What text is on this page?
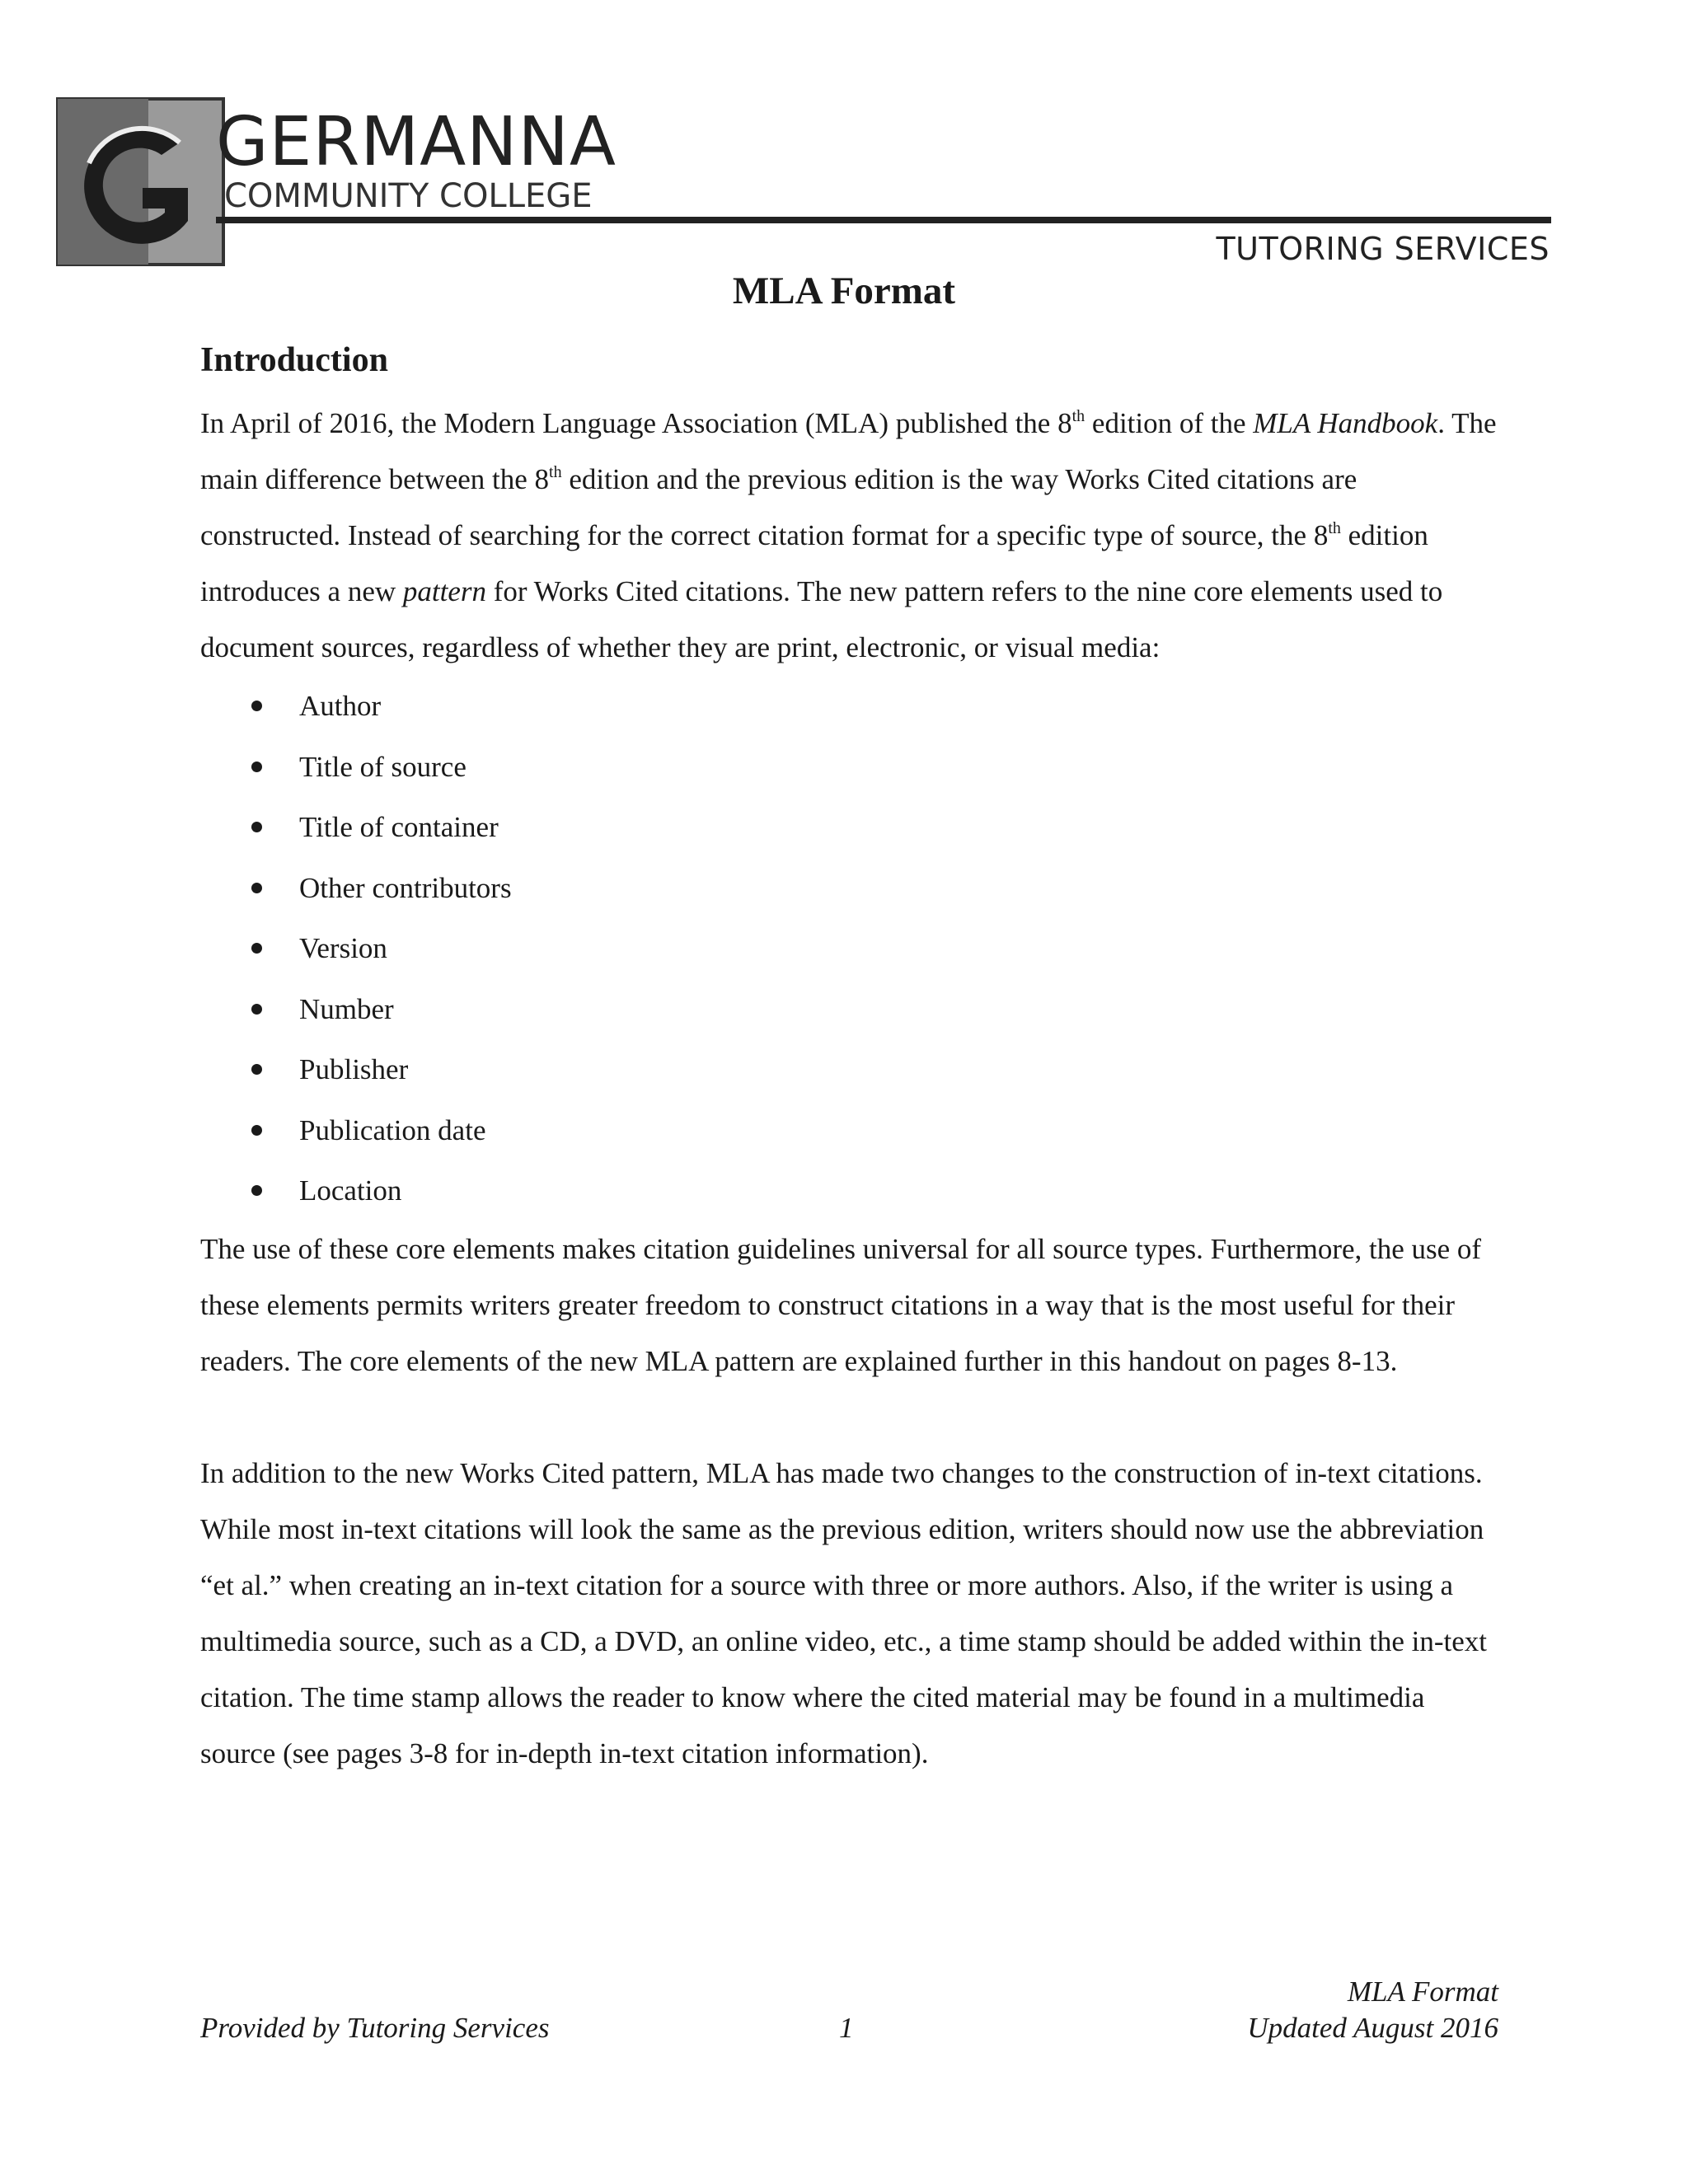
GERMANNA
COMMUNITY COLLEGE
TUTORING SERVICES
MLA Format
Introduction

In April of 2016, the Modern Language Association (MLA) published the 8th edition of the MLA Handbook. The main difference between the 8th edition and the previous edition is the way Works Cited citations are constructed. Instead of searching for the correct citation format for a specific type of source, the 8th edition introduces a new pattern for Works Cited citations. The new pattern refers to the nine core elements used to document sources, regardless of whether they are print, electronic, or visual media:

Author
Title of source
Title of container
Other contributors
Version
Number
Publisher
Publication date
Location

The use of these core elements makes citation guidelines universal for all source types. Furthermore, the use of these elements permits writers greater freedom to construct citations in a way that is the most useful for their readers. The core elements of the new MLA pattern are explained further in this handout on pages 8-13.

In addition to the new Works Cited pattern, MLA has made two changes to the construction of in-text citations. While most in-text citations will look the same as the previous edition, writers should now use the abbreviation “et al.” when creating an in-text citation for a source with three or more authors. Also, if the writer is using a multimedia source, such as a CD, a DVD, an online video, etc., a time stamp should be added within the in-text citation. The time stamp allows the reader to know where the cited material may be found in a multimedia source (see pages 3-8 for in-depth in-text citation information).

Provided by Tutoring Services	1
MLA Format
Updated August 2016
